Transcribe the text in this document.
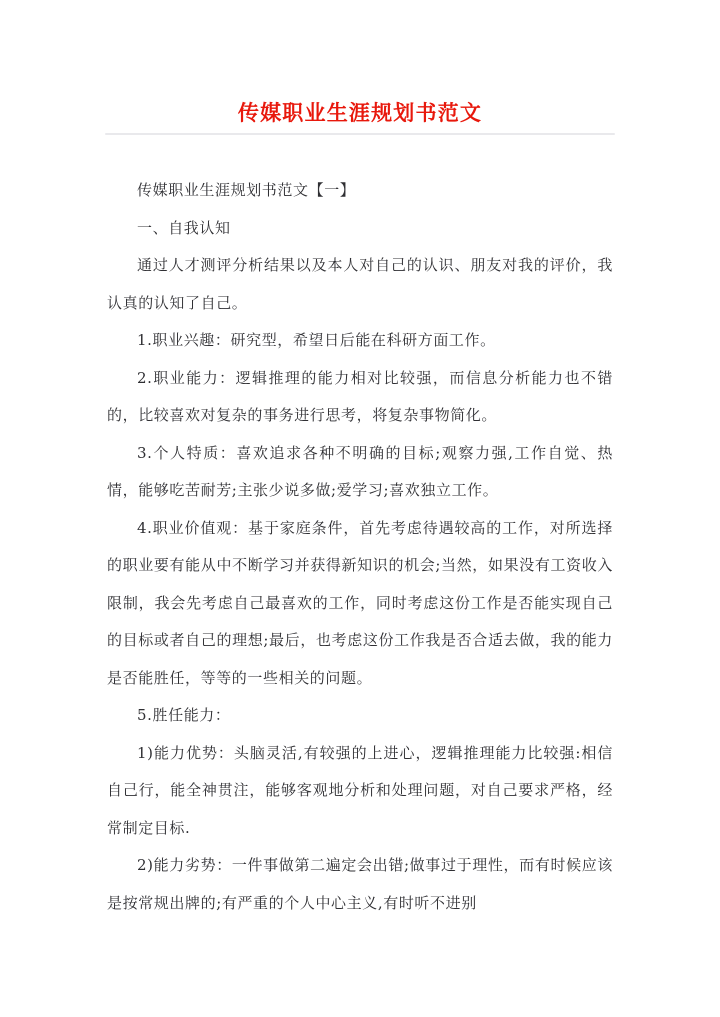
传媒职业生涯规划书范文

传媒职业生涯规划书范文【一】

一、自我认知

通过人才测评分析结果以及本人对自己的认识、朋友对我的评价，我认真的认知了自己。

1.职业兴趣：研究型，希望日后能在科研方面工作。

2.职业能力：逻辑推理的能力相对比较强，而信息分析能力也不错的，比较喜欢对复杂的事务进行思考，将复杂事物简化。

3.个人特质：喜欢追求各种不明确的目标;观察力强,工作自觉、热情，能够吃苦耐芳;主张少说多做;爱学习;喜欢独立工作。

4.职业价值观：基于家庭条件，首先考虑待遇较高的工作，对所选择的职业要有能从中不断学习并获得新知识的机会;当然，如果没有工资收入限制，我会先考虑自己最喜欢的工作，同时考虑这份工作是否能实现自己的目标或者自己的理想;最后，也考虑这份工作我是否合适去做，我的能力是否能胜任，等等的一些相关的问题。

5.胜任能力：

1)能力优势：头脑灵活,有较强的上进心，逻辑推理能力比较强:相信自己行，能全神贯注，能够客观地分析和处理问题，对自己要求严格，经常制定目标.

2)能力劣势：一件事做第二遍定会出错;做事过于理性，而有时候应该是按常规出牌的;有严重的个人中心主义,有时听不进别
